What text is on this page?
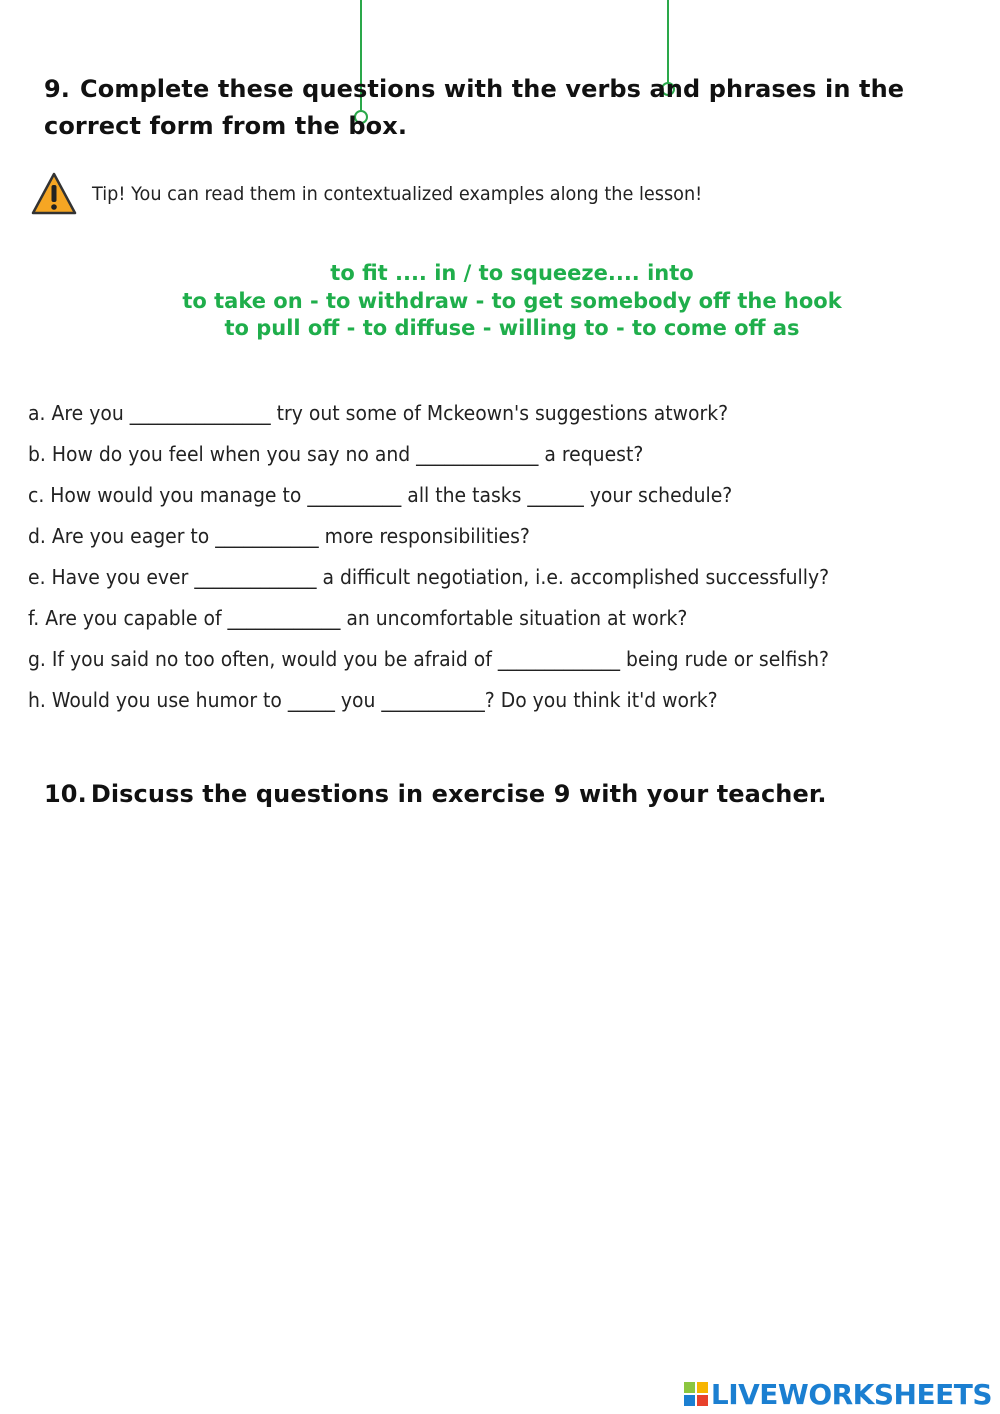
9. Complete these questions with the verbs and phrases in the correct form from the box.
Tip! You can read them in contextualized examples along the lesson!
to fit .... in / to squeeze.... into
to take on - to withdraw - to get somebody off the hook
to pull off - to diffuse - willing to - to come off as
a. Are you _______________ try out some of Mckeown's suggestions atwork?
b. How do you feel when you say no and _____________ a request?
c. How would you manage to __________ all the tasks ______ your schedule?
d. Are you eager to ___________ more responsibilities?
e. Have you ever _____________ a difficult negotiation, i.e. accomplished successfully?
f. Are you capable of ____________ an uncomfortable situation at work?
g. If you said no too often, would you be afraid of _____________ being rude or selfish?
h. Would you use humor to _____ you ___________? Do you think it'd work?
10. Discuss the questions in exercise 9 with your teacher.
LIVEWORKSHEETS
